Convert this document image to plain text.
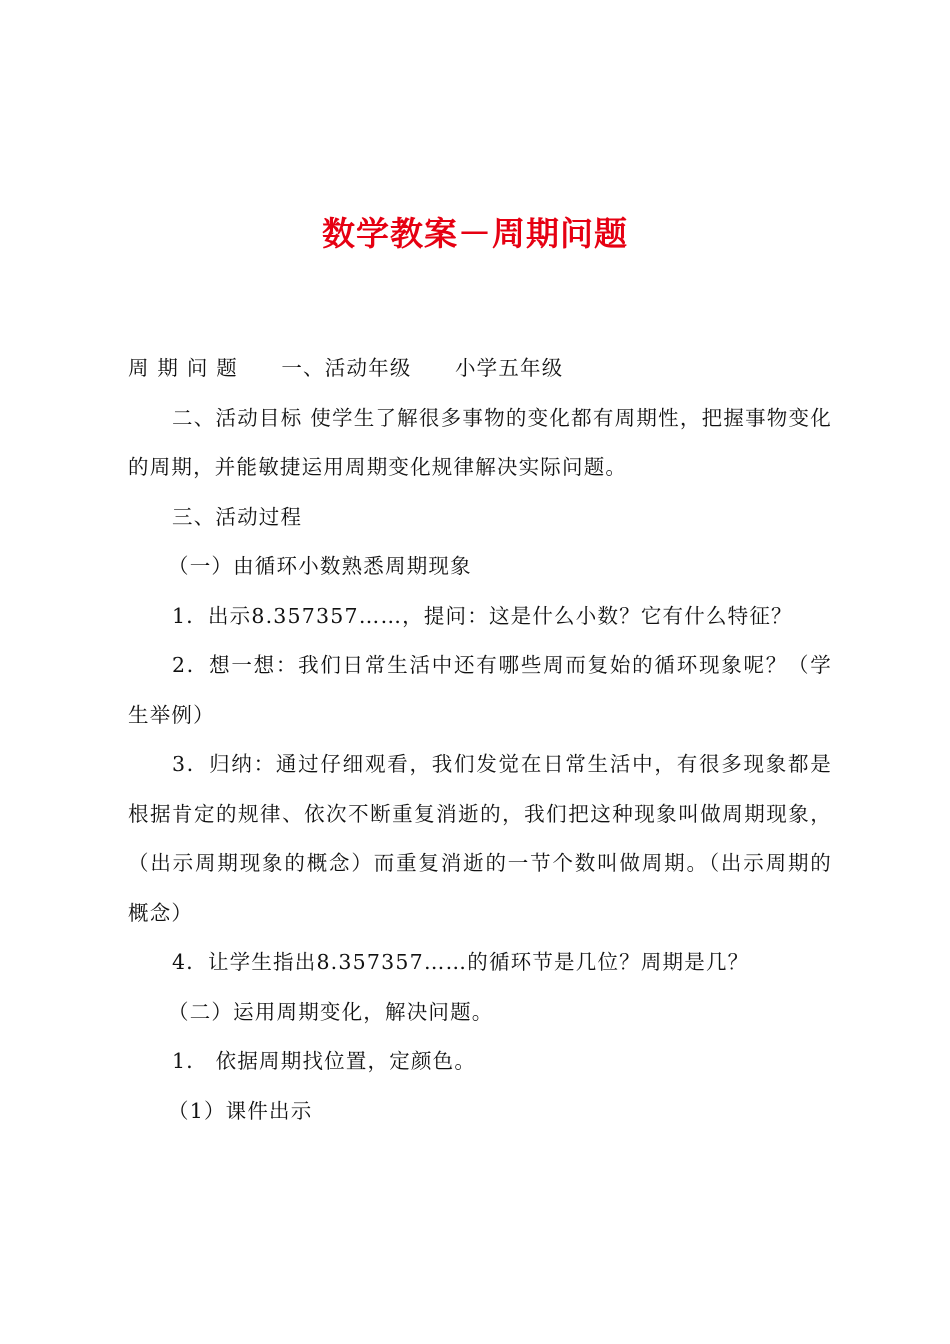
数学教案－周期问题

周 期 问 题　　一、活动年级　　小学五年级

二、活动目标 使学生了解很多事物的变化都有周期性，把握事物变化的周期，并能敏捷运用周期变化规律解决实际问题。

三、活动过程

（一）由循环小数熟悉周期现象

1．出示8.357357……，提问：这是什么小数？它有什么特征？

2．想一想：我们日常生活中还有哪些周而复始的循环现象呢？（学生举例）

3．归纳：通过仔细观看，我们发觉在日常生活中，有很多现象都是根据肯定的规律、依次不断重复消逝的，我们把这种现象叫做周期现象，（出示周期现象的概念）而重复消逝的一节个数叫做周期。（出示周期的概念）

4．让学生指出8.357357……的循环节是几位？周期是几？

（二）运用周期变化，解决问题。

1． 依据周期找位置，定颜色。

（1）课件出示
